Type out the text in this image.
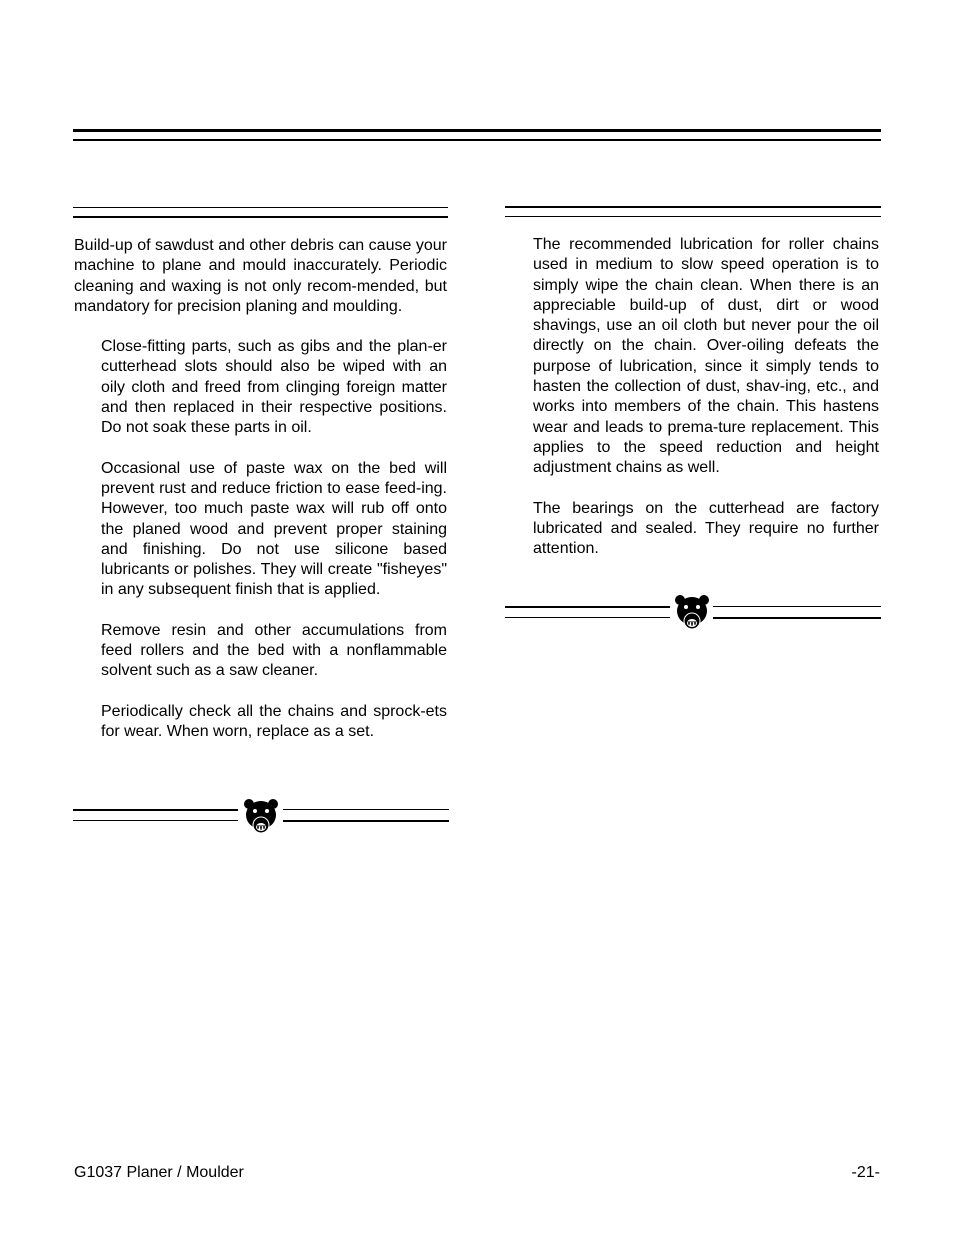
Build-up of sawdust and other debris can cause your machine to plane and mould inaccurately. Periodic cleaning and waxing is not only recom-mended, but mandatory for precision planing and moulding.

Close-fitting parts, such as gibs and the plan-er cutterhead slots should also be wiped with an oily cloth and freed from clinging foreign matter and then replaced in their respective positions. Do not soak these parts in oil.

Occasional use of paste wax on the bed will prevent rust and reduce friction to ease feed-ing. However, too much paste wax will rub off onto the planed wood and prevent proper staining and finishing. Do not use silicone based lubricants or polishes. They will create "fisheyes" in any subsequent finish that is applied.

Remove resin and other accumulations from feed rollers and the bed with a nonflammable solvent such as a saw cleaner.

Periodically check all the chains and sprock-ets for wear. When worn, replace as a set.

The recommended lubrication for roller chains used in medium to slow speed operation is to simply wipe the chain clean. When there is an appreciable build-up of dust, dirt or wood shavings, use an oil cloth but never pour the oil directly on the chain. Over-oiling defeats the purpose of lubrication, since it simply tends to hasten the collection of dust, shav-ing, etc., and works into members of the chain. This hastens wear and leads to prema-ture replacement. This applies to the speed reduction and height adjustment chains as well.

The bearings on the cutterhead are factory lubricated and sealed. They require no further attention.

G1037 Planer / Moulder	-21-
